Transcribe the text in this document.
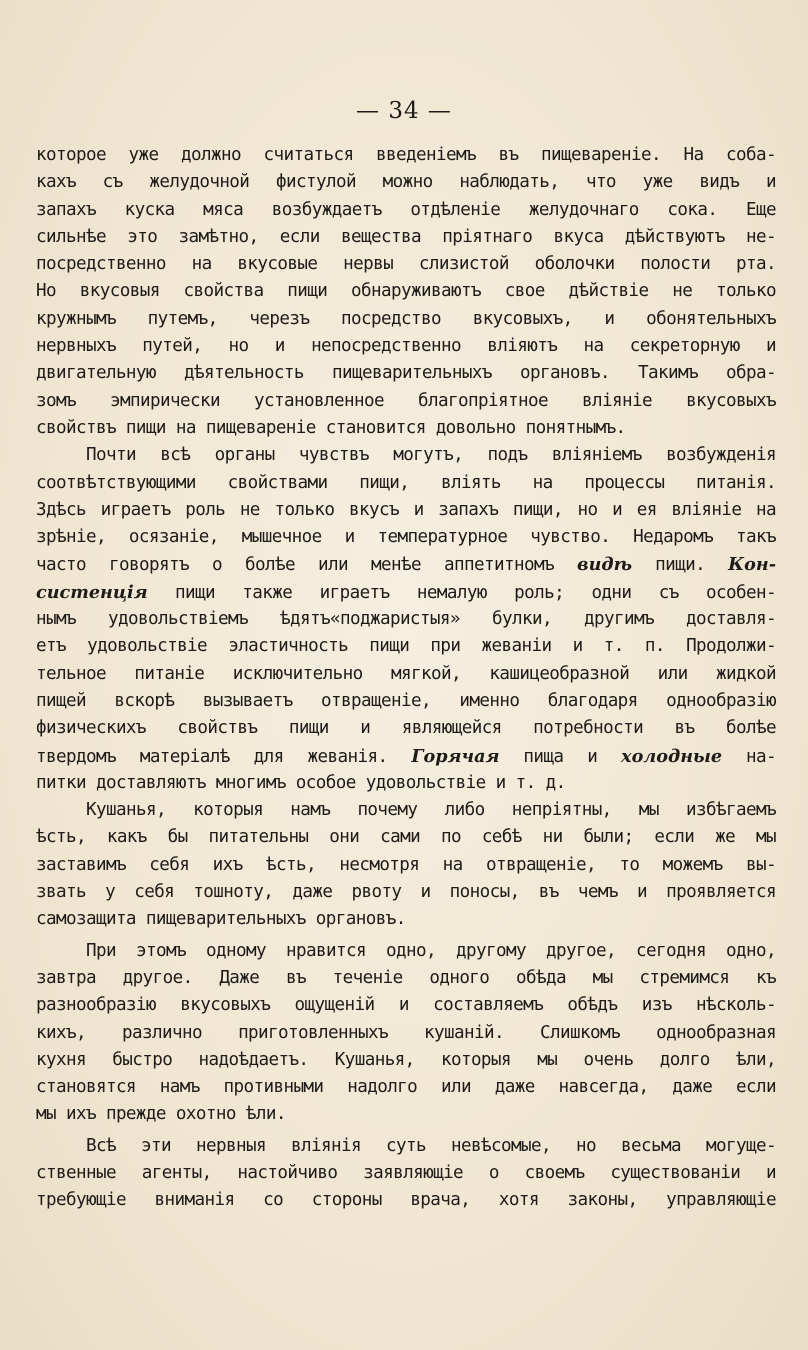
— 34 —
которое уже должно считаться введеніемъ въ пищевареніе. На соба-
кахъ съ желудочной фистулой можно наблюдать, что уже видъ и
запахъ куска мяса возбуждаетъ отдѣленіе желудочнаго сока. Еще
сильнѣе это замѣтно, если вещества пріятнаго вкуса дѣйствуютъ не-
посредственно на вкусовые нервы слизистой оболочки полости рта.
Но вкусовыя свойства пищи обнаруживаютъ свое дѣйствіе не только
кружнымъ путемъ, черезъ посредство вкусовыхъ, и обонятельныхъ
нервныхъ путей, но и непосредственно вліяютъ на секреторную и
двигательную дѣятельность пищеварительныхъ органовъ. Такимъ обра-
зомъ эмпирически установленное благопріятное вліяніе вкусовыхъ
свойствъ пищи на пищевареніе становится довольно понятнымъ.
Почти всѣ органы чувствъ могутъ, подъ вліяніемъ возбужденія
соотвѣтствующими свойствами пищи, влiять на процессы питанія.
Здѣсь играетъ роль не только вкусъ и запахъ пищи, но и ея вліяніе на
зрѣніе, осязаніе, мышечное и температурное чувство. Недаромъ такъ
часто говорятъ о болѣе или менѣе аппетитномъ видѣ пищи. Кон-
систенція пищи также играетъ немалую роль; одни съ особен-
нымъ удовольствіемъ ѣдятъ«поджаристыя» булки, другимъ доставля-
етъ удовольствіе эластичность пищи при жеваніи и т. п. Продолжи-
тельное питаніе исключительно мягкой, кашицеобразной или жидкой
пищей вскорѣ вызываетъ отвращеніе, именно благодаря однообразію
физическихъ свойствъ пищи и являющейся потребности въ болѣе
твердомъ матеріалѣ для жеванія. Горячая пища и холодные на-
питки доставляютъ многимъ особое удовольствіе и т. д.
Кушанья, которыя намъ почему либо непріятны, мы избѣгаемъ
ѣсть, какъ бы питательны они сами по себѣ ни были; если же мы
заставимъ себя ихъ ѣсть, несмотря на отвращеніе, то можемъ вы-
звать у себя тошноту, даже рвоту и поносы, въ чемъ и проявляется
самозащита пищеварительныхъ органовъ.
При этомъ одному нравится одно, другому другое, сегодня одно,
завтра другое. Даже въ теченіе одного обѣда мы стремимся къ
разнообразію вкусовыхъ ощущеній и составляемъ обѣдъ изъ нѣсколь-
кихъ, различно приготовленныхъ кушаній. Слишкомъ однообразная
кухня быстро надоѣдаетъ. Кушанья, которыя мы очень долго ѣли,
становятся намъ противными надолго или даже навсегда, даже если
мы ихъ прежде охотно ѣли.
Всѣ эти нервныя вліянія суть невѣсомые, но весьма могуще-
ственные агенты, настойчиво заявляющіе о своемъ существованіи и
требующіе вниманія со стороны врача, хотя законы, управляющіе
